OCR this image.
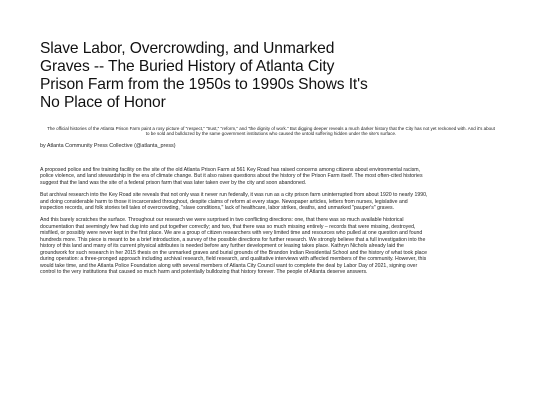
Slave Labor, Overcrowding, and Unmarked Graves -- The Buried History of Atlanta City Prison Farm from the 1950s to 1990s Shows It's No Place of Honor

The official histories of the Atlanta Prison Farm paint a rosy picture of "respect," "trust," "reform," and "the dignity of work." But digging deeper reveals a much darker history that the City has not yet reckoned with. And it's about to be sold and bulldozed by the same government institutions who caused the untold suffering hidden under the site's surface.

by Atlanta Community Press Collective (@atlanta_press)

A proposed police and fire training facility on the site of the old Atlanta Prison Farm at 561 Key Road has raised concerns among citizens about environmental racism, police violence, and land stewardship in the era of climate change. But it also raises questions about the history of the Prison Farm itself. The most often-cited histories suggest that the land was the site of a federal prison farm that was later taken over by the city and soon abandoned.

But archival research into the Key Road site reveals that not only was it never run federally, it was run as a city prison farm uninterrupted from about 1920 to nearly 1990, and doing considerable harm to those it incarcerated throughout, despite claims of reform at every stage. Newspaper articles, letters from nurses, legislative and inspection records, and folk stories tell tales of overcrowding, "slave conditions," lack of healthcare, labor strikes, deaths, and unmarked "pauper's" graves.

And this barely scratches the surface. Throughout our research we were surprised in two conflicting directions: one, that there was so much available historical documentation that seemingly few had dug into and put together correctly; and two, that there was so much missing entirely – records that were missing, destroyed, misfiled, or possibly were never kept in the first place. We are a group of citizen researchers with very limited time and resources who pulled at one question and found hundreds more. This piece is meant to be a brief introduction, a survey of the possible directions for further research. We strongly believe that a full investigation into the history of this land and many of its current physical attributes is needed before any further development or leasing takes place. Kathryn Nichols already laid the groundwork for such research in her 2015 thesis on the unmarked graves and burial grounds of the Brandon Indian Residential School and the history of what took place during operation: a three-pronged approach including archival research, field research, and qualitative interviews with affected members of the community. However, this would take time, and the Atlanta Police Foundation along with several members of Atlanta City Council want to complete the deal by Labor Day of 2021, signing over control to the very institutions that caused so much harm and potentially bulldozing that history forever. The people of Atlanta deserve answers.
